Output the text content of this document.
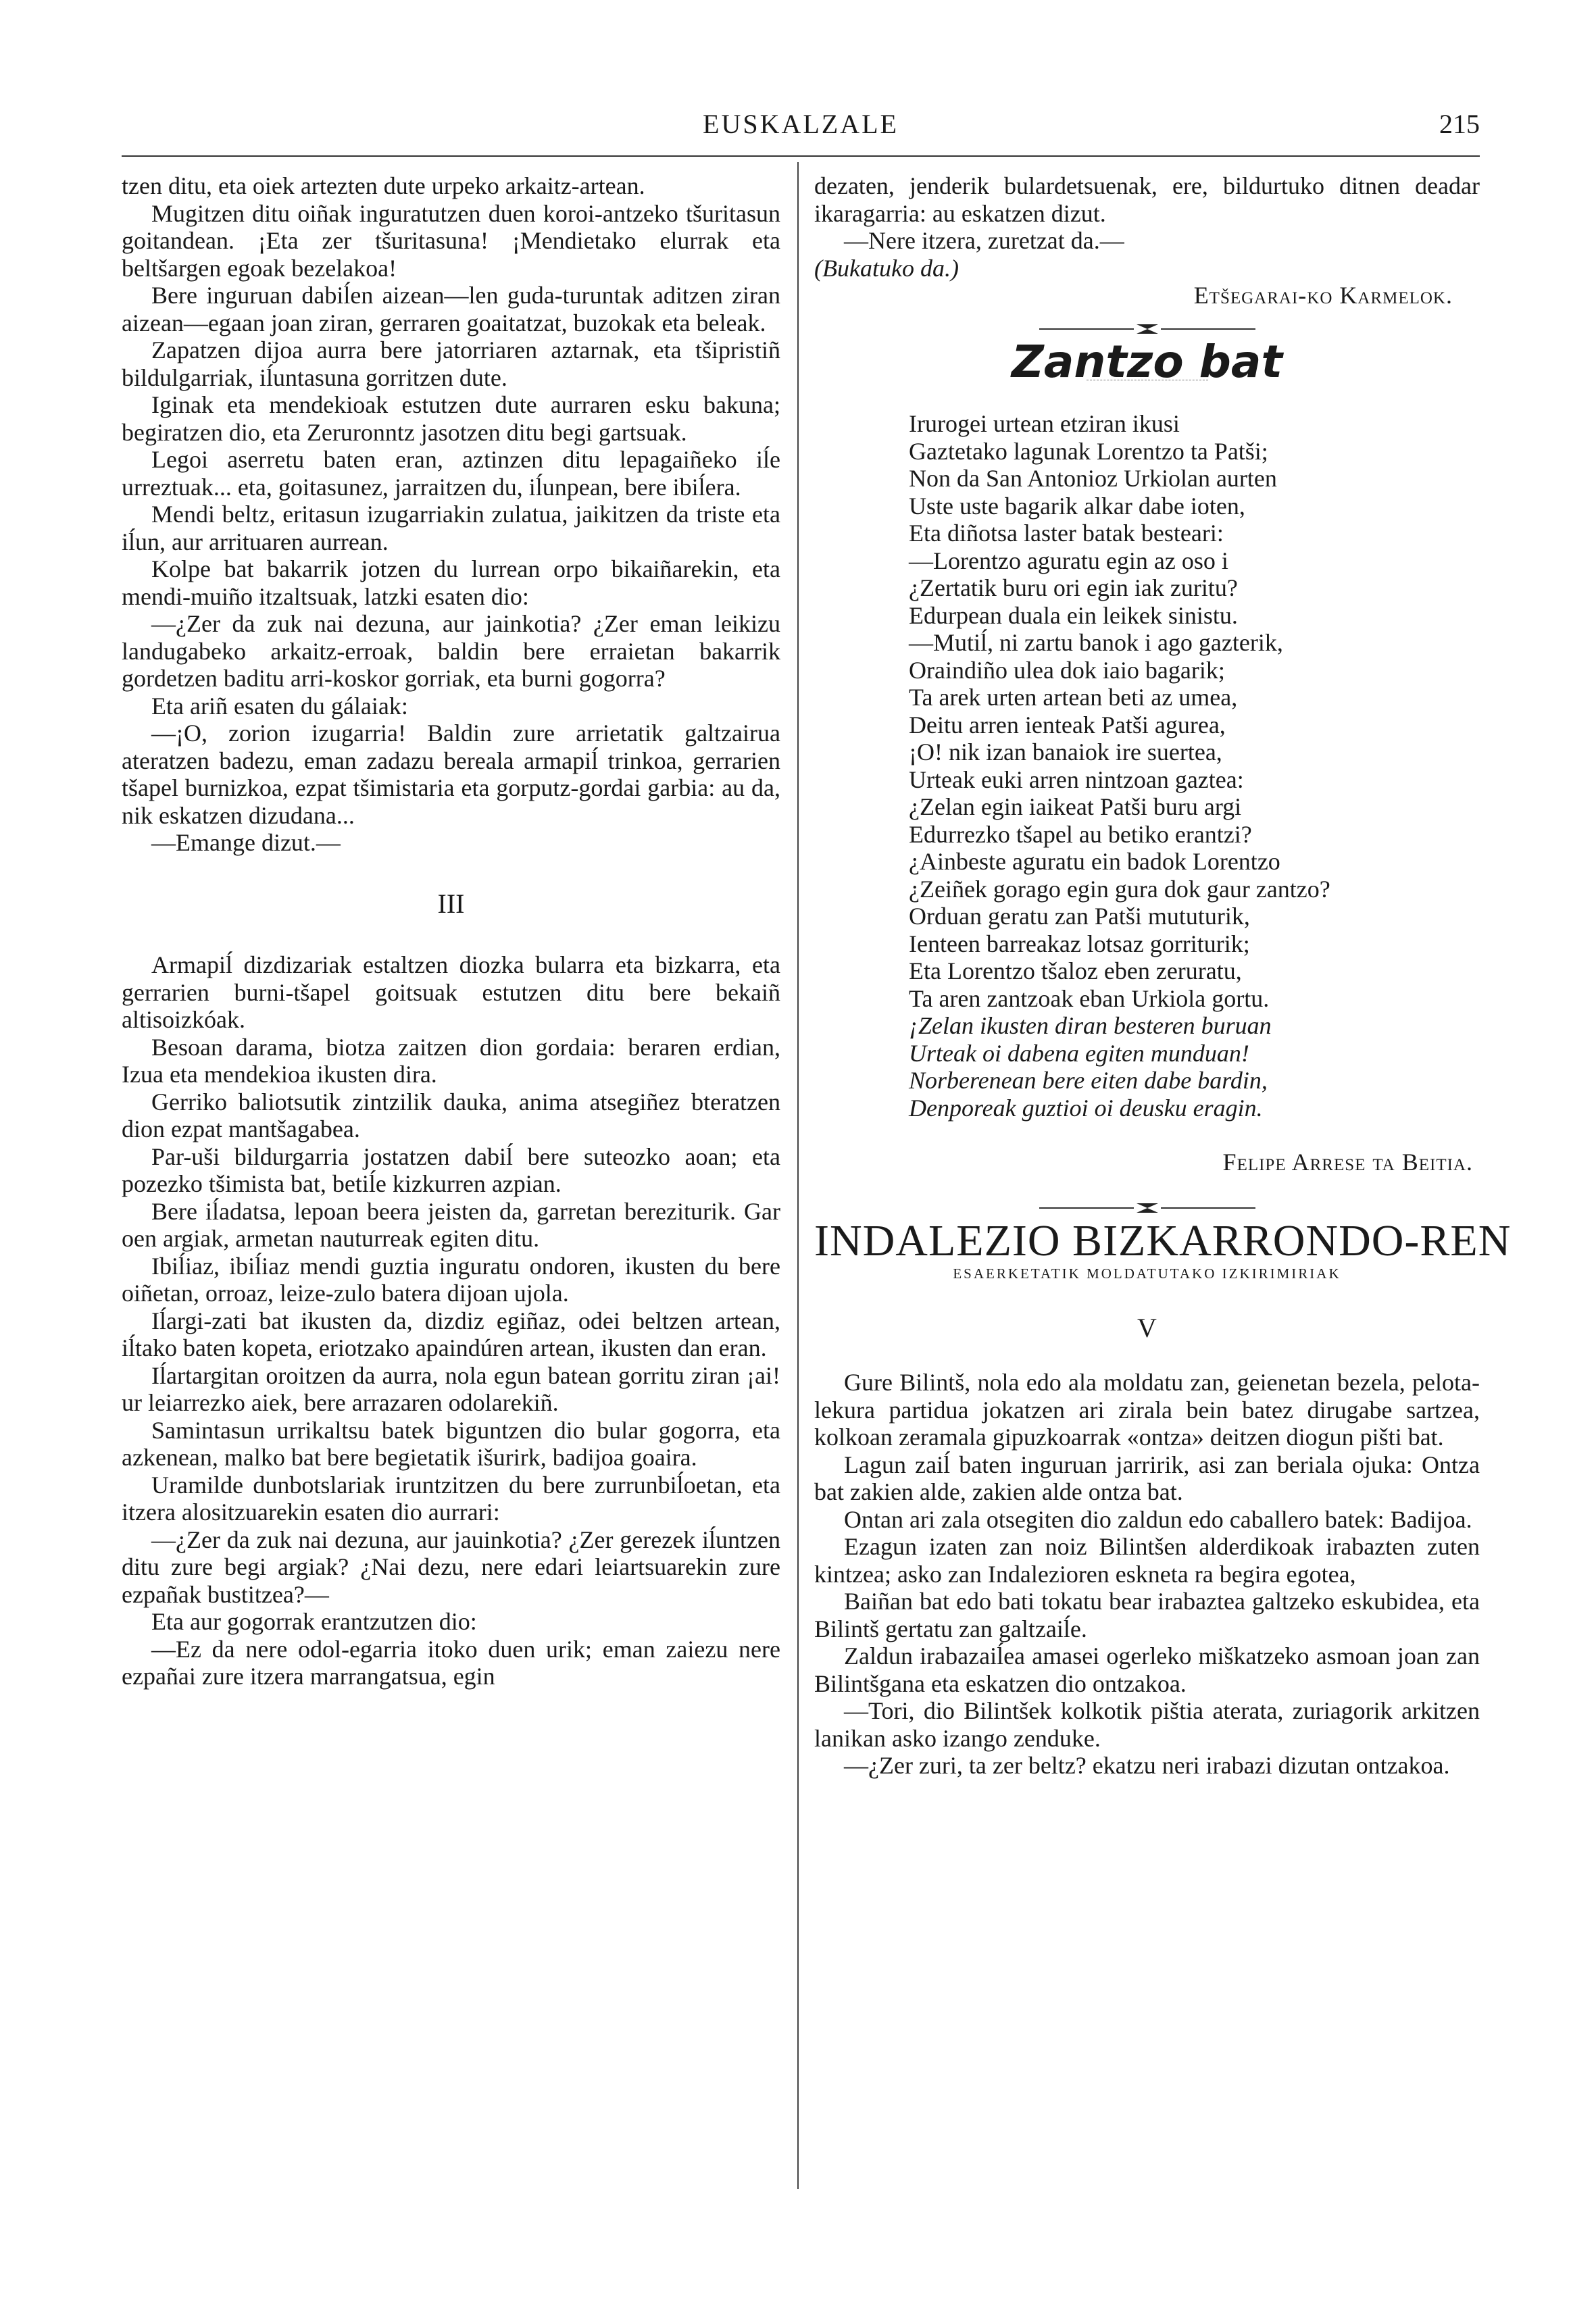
EUSKALZALE	215

tzen ditu, eta oiek artezten dute urpeko arkaitz-artean.

Mugitzen ditu oiñak inguratutzen duen koroi-antzeko tšuritasun goitandean. ¡Eta zer tšuritasuna! ¡Mendietako elurrak eta beltšargen egoak bezelakoa!

Bere inguruan dabiĺen aizean—len guda-turuntak aditzen ziran aizean—egaan joan ziran, gerraren goaitatzat, buzokak eta beleak.

Zapatzen dijoa aurra bere jatorriaren aztarnak, eta tšipristiñ bildulgarriak, iĺuntasuna gorritzen dute.

Iginak eta mendekioak estutzen dute aurraren esku bakuna; begiratzen dio, eta Zeruronntz jasotzen ditu begi gartsuak.

Legoi aserretu baten eran, aztinzen ditu lepagaiñeko iĺe urreztuak... eta, goitasunez, jarraitzen du, iĺunpean, bere ibiĺera.

Mendi beltz, eritasun izugarriakin zulatua, jaikitzen da triste eta iĺun, aur arrituaren aurrean.

Kolpe bat bakarrik jotzen du lurrean orpo bikaiñarekin, eta mendi-muiño itzaltsuak, latzki esaten dio:

—¿Zer da zuk nai dezuna, aur jainkotia? ¿Zer eman leikizu landugabeko arkaitz-erroak, baldin bere erraietan bakarrik gordetzen baditu arri-koskor gorriak, eta burni gogorra?

Eta ariñ esaten du gálaiak:

—¡O, zorion izugarria! Baldin zure arrietatik galtzairua ateratzen badezu, eman zadazu bereala armapiĺ trinkoa, gerrarien tšapel burnizkoa, ezpat tšimistaria eta gorputz-gordai garbia: au da, nik eskatzen dizudana...

—Emange dizut.—

III

Armapiĺ dizdizariak estaltzen diozka bularra eta bizkarra, eta gerrarien burni-tšapel goitsuak estutzen ditu bere bekaiñ altisoizkóak.

Besoan darama, biotza zaitzen dion gordaia: beraren erdian, Izua eta mendekioa ikusten dira.

Gerriko baliotsutik zintzilik dauka, anima atsegiñez bteratzen dion ezpat mantšagabea.

Par-uši bildurgarria jostatzen dabiĺ bere suteozko aoan; eta pozezko tšimista bat, betiĺe kizkurren azpian.

Bere iĺadatsa, lepoan beera jeisten da, garretan bereziturik. Gar oen argiak, armetan nauturreak egiten ditu.

Ibiĺiaz, ibiĺiaz mendi guztia inguratu ondoren, ikusten du bere oiñetan, orroaz, leize-zulo batera dijoan ujola.

Iĺargi-zati bat ikusten da, dizdiz egiñaz, odei beltzen artean, iĺtako baten kopeta, eriotzako apaindúren artean, ikusten dan eran.

Iĺartargitan oroitzen da aurra, nola egun batean gorritu ziran ¡ai! ur leiarrezko aiek, bere arrazaren odolarekiñ.

Samintasun urrikaltsu batek biguntzen dio bular gogorra, eta azkenean, malko bat bere begietatik išurirk, badijoa goaira.

Uramilde dunbotslariak iruntzitzen du bere zurrunbiĺoetan, eta itzera alositzuarekin esaten dio aurrari:

—¿Zer da zuk nai dezuna, aur jauinkotia? ¿Zer gerezek iĺuntzen ditu zure begi argiak? ¿Nai dezu, nere edari leiartsuarekin zure ezpañak bustitzea?—

Eta aur gogorrak erantzutzen dio:

—Ez da nere odol-egarria itoko duen urik; eman zaiezu nere ezpañai zure itzera marrangatsua, egin

dezaten, jenderik bulardetsuenak, ere, bildurtuko ditnen deadar ikaragarria: au eskatzen dizut.

—Nere itzera, zuretzat da.—

(Bukatuko da.)

Etšegarai-ko Karmelok.

Zantzo bat
Irurogei urtean etziran ikusi
Gaztetako lagunak Lorentzo ta Patši;
Non da San Antonioz Urkiolan aurten
Uste uste bagarik alkar dabe ioten,
Eta diñotsa laster batak besteari:
—Lorentzo aguratu egin az oso i
¿Zertatik buru ori egin iak zuritu?
Edurpean duala ein leikek sinistu.
—Mutiĺ, ni zartu banok i ago gazterik,
Oraindiño ulea dok iaio bagarik;
Ta arek urten artean beti az umea,
Deitu arren ienteak Patši agurea,
¡O! nik izan banaiok ire suertea,
Urteak euki arren nintzoan gaztea:
¿Zelan egin iaikeat Patši buru argi
Edurrezko tšapel au betiko erantzi?
¿Ainbeste aguratu ein badok Lorentzo
¿Zeiñek gorago egin gura dok gaur zantzo?
Orduan geratu zan Patši mututurik,
Ienteen barreakaz lotsaz gorriturik;
Eta Lorentzo tšaloz eben zeruratu,
Ta aren zantzoak eban Urkiola gortu.
¡Zelan ikusten diran besteren buruan
Urteak oi dabena egiten munduan!
Norberenean bere eiten dabe bardin,
Denporeak guztioi oi deusku eragin.

Felipe Arrese ta Beitia.

INDALEZIO BIZKARRONDO-REN
ESAERKETATIK MOLDATUTAKO IZKIRIMIRIAK
V

Gure Bilintš, nola edo ala moldatu zan, geienetan bezela, pelota-lekura partidua jokatzen ari zirala bein batez dirugabe sartzea, kolkoan zeramala gipuzkoarrak «ontza» deitzen diogun pišti bat.

Lagun zaiĺ baten inguruan jarririk, asi zan beriala ojuka: Ontza bat zakien alde, zakien alde ontza bat.

Ontan ari zala otsegiten dio zaldun edo caballero batek: Badijoa.

Ezagun izaten zan noiz Bilintšen alderdikoak irabazten zuten kintzea; asko zan Indalezioren eskneta ra begira egotea,

Baiñan bat edo bati tokatu bear irabaztea galtzeko eskubidea, eta Bilintš gertatu zan galtzaiĺe.

Zaldun irabazaiĺea amasei ogerleko miškatzeko asmoan joan zan Bilintšgana eta eskatzen dio ontzakoa.

—Tori, dio Bilintšek kolkotik pištia aterata, zuriagorik arkitzen lanikan asko izango zenduke.

—¿Zer zuri, ta zer beltz? ekatzu neri irabazi dizutan ontzakoa.
